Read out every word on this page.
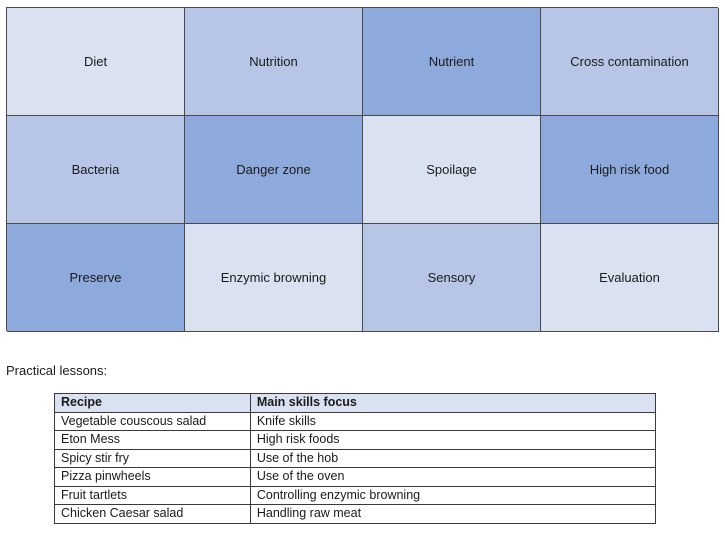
Diet	Nutrition	Nutrient	Cross contamination
Bacteria	Danger zone	Spoilage	High risk food
Preserve	Enzymic browning	Sensory	Evaluation
Practical lessons:
Recipe	Main skills focus
Vegetable couscous salad	Knife skills
Eton Mess	High risk foods
Spicy stir fry	Use of the hob
Pizza pinwheels	Use of the oven
Fruit tartlets	Controlling enzymic browning
Chicken Caesar salad	Handling raw meat
